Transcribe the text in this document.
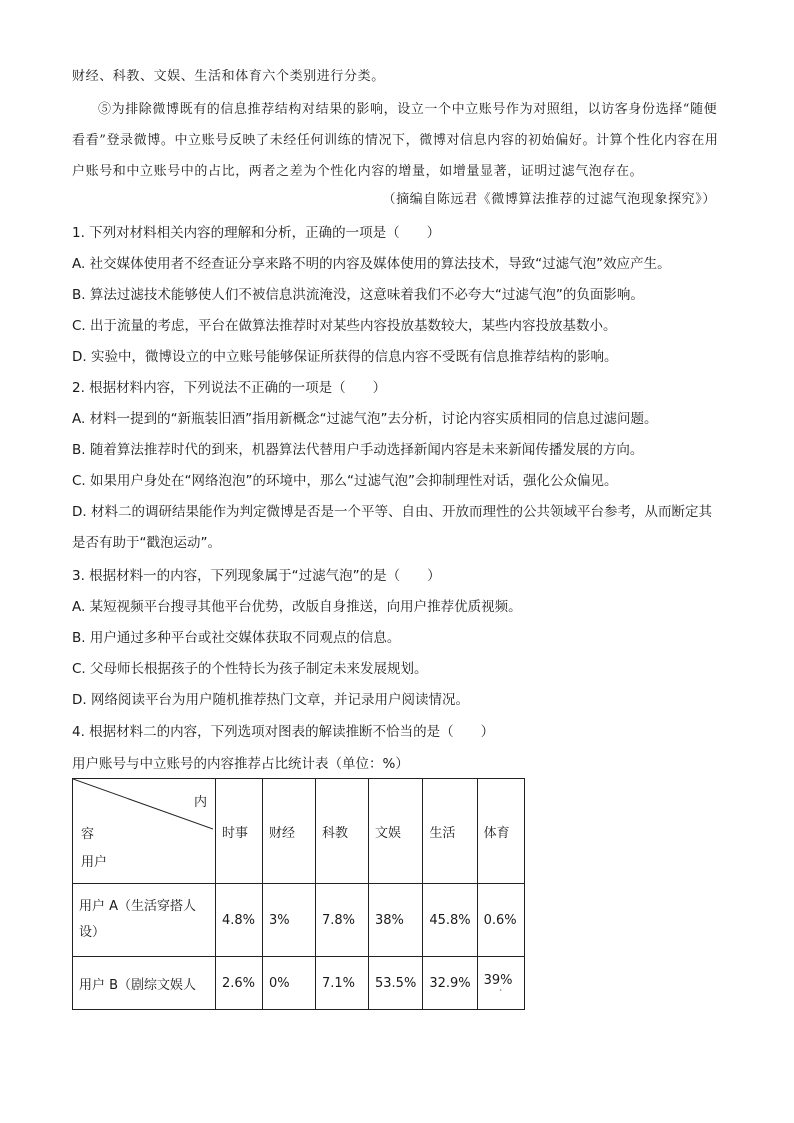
财经、科教、文娱、生活和体育六个类别进行分类。

⑤为排除微博既有的信息推荐结构对结果的影响，设立一个中立账号作为对照组，以访客身份选择“随便看看”登录微博。中立账号反映了未经任何训练的情况下，微博对信息内容的初始偏好。计算个性化内容在用户账号和中立账号中的占比，两者之差为个性化内容的增量，如增量显著，证明过滤气泡存在。

（摘编自陈远君《微博算法推荐的过滤气泡现象探究》）

1. 下列对材料相关内容的理解和分析，正确的一项是（　　）

A. 社交媒体使用者不经查证分享来路不明的内容及媒体使用的算法技术，导致“过滤气泡”效应产生。

B. 算法过滤技术能够使人们不被信息洪流淹没，这意味着我们不必夸大“过滤气泡”的负面影响。

C. 出于流量的考虑，平台在做算法推荐时对某些内容投放基数较大，某些内容投放基数小。

D. 实验中，微博设立的中立账号能够保证所获得的信息内容不受既有信息推荐结构的影响。

2. 根据材料内容，下列说法不正确的一项是（　　）

A. 材料一提到的“新瓶装旧酒”指用新概念“过滤气泡”去分析，讨论内容实质相同的信息过滤问题。

B. 随着算法推荐时代的到来，机器算法代替用户手动选择新闻内容是未来新闻传播发展的方向。

C. 如果用户身处在“网络泡泡”的环境中，那么“过滤气泡”会抑制理性对话，强化公众偏见。

D. 材料二的调研结果能作为判定微博是否是一个平等、自由、开放而理性的公共领域平台参考，从而断定其是否有助于“戳泡运动”。

3. 根据材料一的内容，下列现象属于“过滤气泡”的是（　　）

A. 某短视频平台搜寻其他平台优势，改版自身推送，向用户推荐优质视频。

B. 用户通过多种平台或社交媒体获取不同观点的信息。

C. 父母师长根据孩子的个性特长为孩子制定未来发展规划。

D. 网络阅读平台为用户随机推荐热门文章，并记录用户阅读情况。

4. 根据材料二的内容，下列选项对图表的解读推断不恰当的是（　　）

用户账号与中立账号的内容推荐占比统计表（单位：%）
内
容
用户	时事	财经	科教	文娱	生活	体育
用户 A（生活穿搭人设）	4.8%	3%	7.8%	38%	45.8%	0.6%
用户 B（剧综文娱人	2.6%	0%	7.1%	53.5%	32.9%	39%
·
